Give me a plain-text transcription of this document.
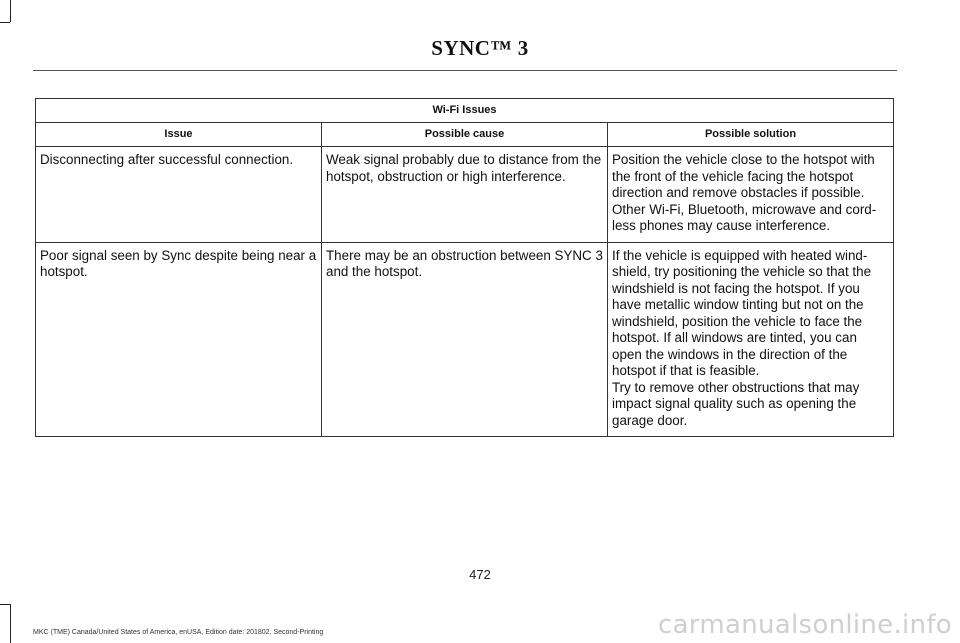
SYNC™ 3
Wi-Fi Issues		
Issue	Possible cause	Possible solution
Disconnecting after successful connection.	Weak signal probably due to distance from the hotspot, obstruction or high interference.	Position the vehicle close to the hotspot with the front of the vehicle facing the hotspot direction and remove obstacles if possible.
Other Wi-Fi, Bluetooth, microwave and cord-less phones may cause interference.

Poor signal seen by Sync despite being near a hotspot.	There may be an obstruction between SYNC 3 and the hotspot.	If the vehicle is equipped with heated wind-shield, try positioning the vehicle so that the windshield is not facing the hotspot. If you have metallic window tinting but not on the windshield, position the vehicle to face the hotspot. If all windows are tinted, you can open the windows in the direction of the hotspot if that is feasible.
Try to remove other obstructions that may impact signal quality such as opening the garage door.
472
MKC (TME) Canada/United States of America, enUSA, Edition date: 201802, Second-Printing	carmanualsonline.info
